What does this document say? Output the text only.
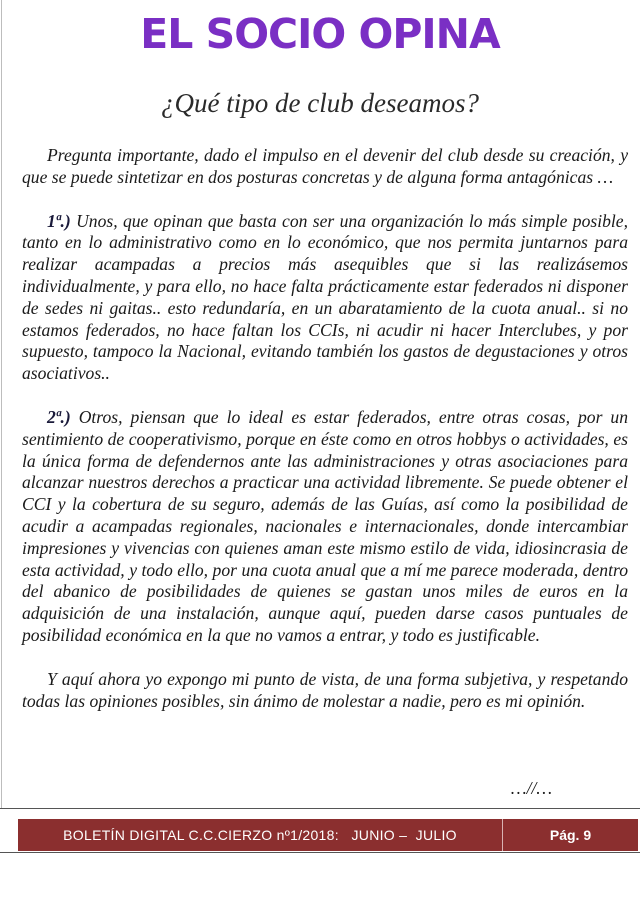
EL SOCIO OPINA
¿Qué tipo de club deseamos?

Pregunta importante, dado el impulso en el devenir del club desde su creación, y que se puede sintetizar en dos posturas concretas y de alguna forma antagónicas …

1ª.) Unos, que opinan que basta con ser una organización lo más simple posible, tanto en lo administrativo como en lo económico, que nos permita juntarnos para realizar acampadas a precios más asequibles que si las realizásemos individualmente, y para ello, no hace falta prácticamente estar federados ni disponer de sedes ni gaitas.. esto redundaría, en un abaratamiento de la cuota anual.. si no estamos federados, no hace faltan los CCIs, ni acudir ni hacer Interclubes, y por supuesto, tampoco la Nacional, evitando también los gastos de degustaciones y otros asociativos..

2ª.) Otros, piensan que lo ideal es estar federados, entre otras cosas, por un sentimiento de cooperativismo, porque en éste como en otros hobbys o actividades, es la única forma de defendernos ante las administraciones y otras asociaciones para alcanzar nuestros derechos a practicar una actividad libremente. Se puede obtener el CCI y la cobertura de su seguro, además de las Guías, así como la posibilidad de acudir a acampadas regionales, nacionales e internacionales, donde intercambiar impresiones y vivencias con quienes aman este mismo estilo de vida, idiosincrasia de esta actividad, y todo ello, por una cuota anual que a mí me parece moderada, dentro del abanico de posibilidades de quienes se gastan unos miles de euros en la adquisición de una instalación, aunque aquí, pueden darse casos puntuales de posibilidad económica en la que no vamos a entrar, y todo es justificable.

Y aquí ahora yo expongo mi punto de vista, de una forma subjetiva, y respetando todas las opiniones posibles, sin ánimo de molestar a nadie, pero es mi opinión.

…//…
BOLETÍN DIGITAL C.C.CIERZO nº1/2018:   JUNIO –  JULIO	Pág. 9
